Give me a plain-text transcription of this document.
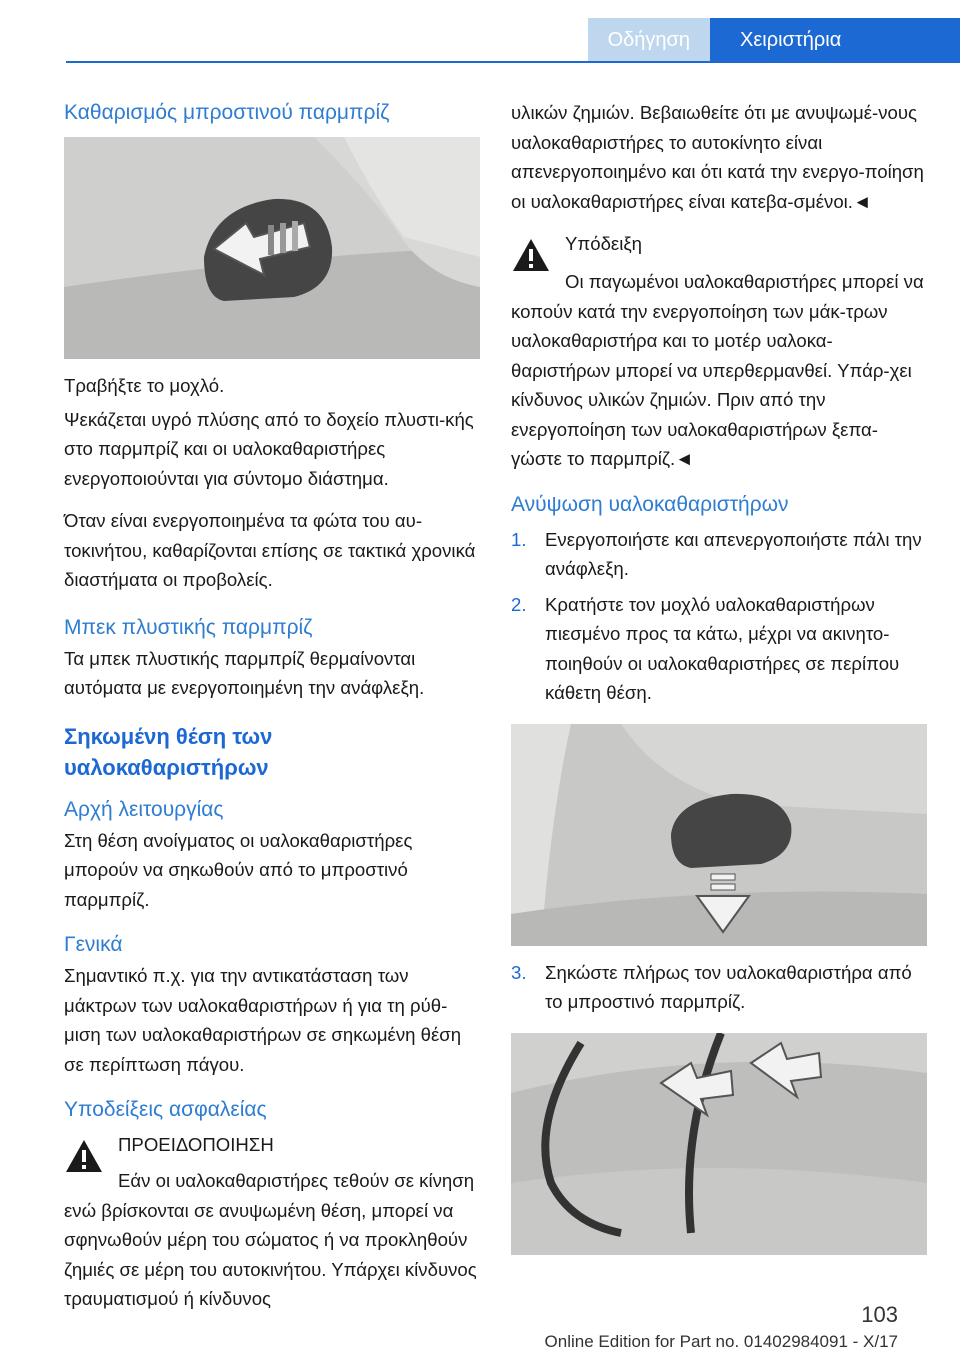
Οδήγηση	Χειριστήρια
Καθαρισμός μπροστινού παρμπρίζ

Τραβήξτε το μοχλό.

Ψεκάζεται υγρό πλύσης από το δοχείο πλυστι-κής στο παρμπρίζ και οι υαλοκαθαριστήρες ενεργοποιούνται για σύντομο διάστημα.

Όταν είναι ενεργοποιημένα τα φώτα του αυ-τοκινήτου, καθαρίζονται επίσης σε τακτικά χρονικά διαστήματα οι προβολείς.

Μπεκ πλυστικής παρμπρίζ

Τα μπεκ πλυστικής παρμπρίζ θερμαίνονται αυτόματα με ενεργοποιημένη την ανάφλεξη.

Σηκωμένη θέση των υαλοκαθαριστήρων
Αρχή λειτουργίας

Στη θέση ανοίγματος οι υαλοκαθαριστήρες μπορούν να σηκωθούν από το μπροστινό παρμπρίζ.

Γενικά

Σημαντικό π.χ. για την αντικατάσταση των μάκτρων των υαλοκαθαριστήρων ή για τη ρύθ-μιση των υαλοκαθαριστήρων σε σηκωμένη θέση σε περίπτωση πάγου.

Υποδείξεις ασφαλείας
ΠΡΟΕΙΔΟΠΟΙΗΣΗ

Εάν οι υαλοκαθαριστήρες τεθούν σε κίνηση ενώ βρίσκονται σε ανυψωμένη θέση, μπορεί να σφηνωθούν μέρη του σώματος ή να προκληθούν ζημιές σε μέρη του αυτοκινήτου. Υπάρχει κίνδυνος τραυματισμού ή κίνδυνος

υλικών ζημιών. Βεβαιωθείτε ότι με ανυψωμέ-νους υαλοκαθαριστήρες το αυτοκίνητο είναι απενεργοποιημένο και ότι κατά την ενεργο-ποίηση οι υαλοκαθαριστήρες είναι κατεβα-σμένοι.◄

Υπόδειξη

Οι παγωμένοι υαλοκαθαριστήρες μπορεί να κοπούν κατά την ενεργοποίηση των μάκ-τρων υαλοκαθαριστήρα και το μοτέρ υαλοκα-θαριστήρων μπορεί να υπερθερμανθεί. Υπάρ-χει κίνδυνος υλικών ζημιών. Πριν από την ενεργοποίηση των υαλοκαθαριστήρων ξεπα-γώστε το παρμπρίζ.◄

Ανύψωση υαλοκαθαριστήρων
1. Ενεργοποιήστε και απενεργοποιήστε πάλι την ανάφλεξη.
2. Κρατήστε τον μοχλό υαλοκαθαριστήρων πιεσμένο προς τα κάτω, μέχρι να ακινητο-ποιηθούν οι υαλοκαθαριστήρες σε περίπου κάθετη θέση.
3. Σηκώστε πλήρως τον υαλοκαθαριστήρα από το μπροστινό παρμπρίζ.
103
Online Edition for Part no. 01402984091 - X/17
